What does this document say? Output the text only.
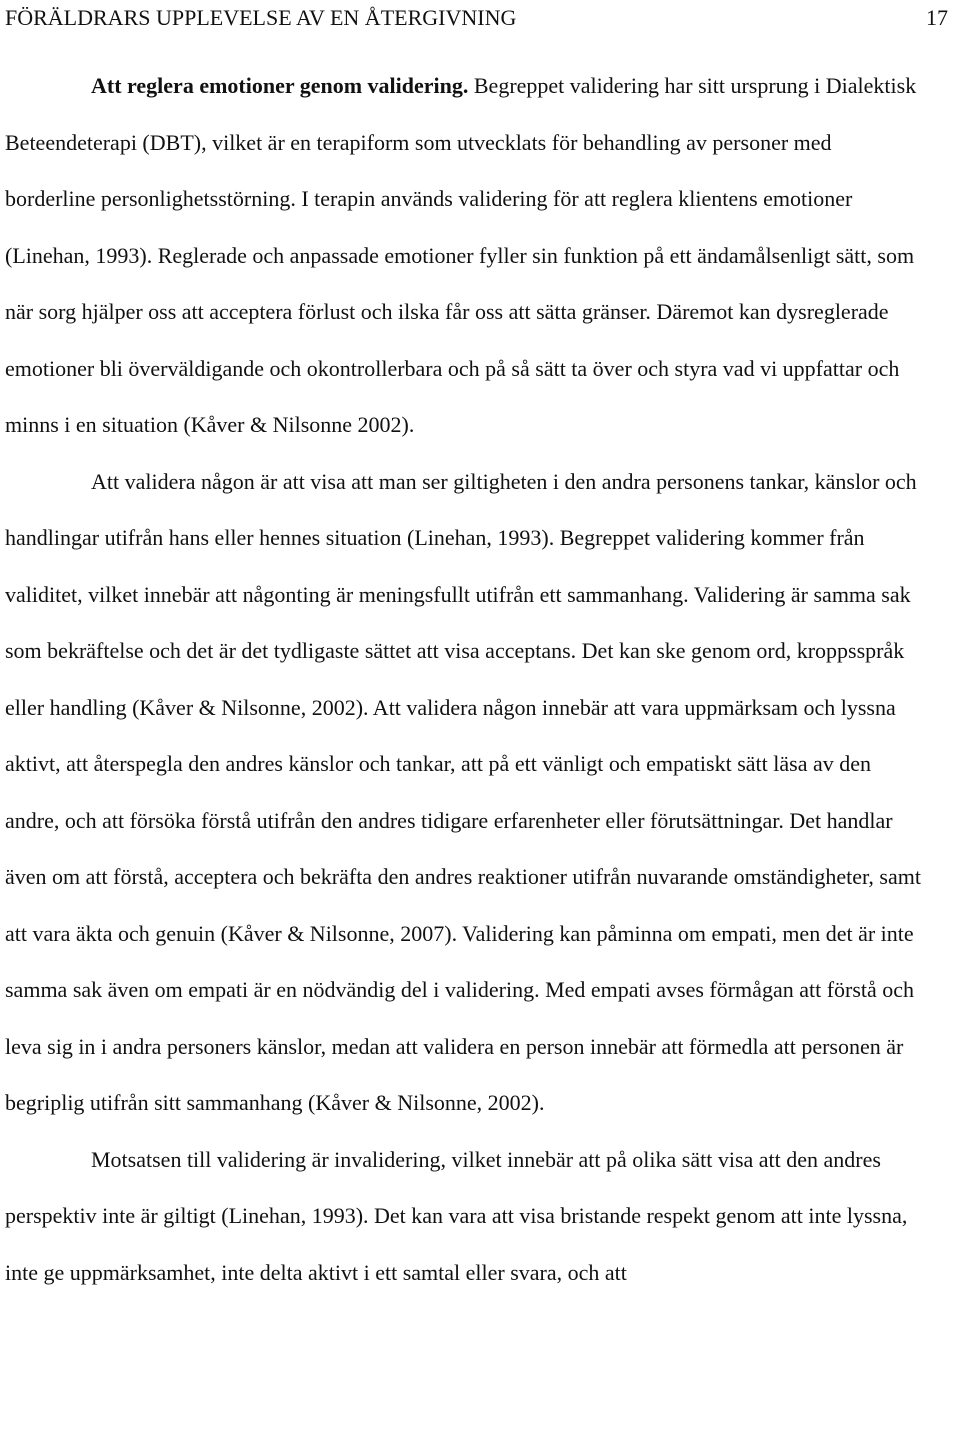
FÖRÄLDRARS UPPLEVELSE AV EN ÅTERGIVNING	17

Att reglera emotioner genom validering. Begreppet validering har sitt ursprung i Dialektisk Beteendeterapi (DBT), vilket är en terapiform som utvecklats för behandling av personer med borderline personlighetsstörning. I terapin används validering för att reglera klientens emotioner (Linehan, 1993). Reglerade och anpassade emotioner fyller sin funktion på ett ändamålsenligt sätt, som när sorg hjälper oss att acceptera förlust och ilska får oss att sätta gränser. Däremot kan dysreglerade emotioner bli överväldigande och okontrollerbara och på så sätt ta över och styra vad vi uppfattar och minns i en situation (Kåver & Nilsonne 2002).

Att validera någon är att visa att man ser giltigheten i den andra personens tankar, känslor och handlingar utifrån hans eller hennes situation (Linehan, 1993). Begreppet validering kommer från validitet, vilket innebär att någonting är meningsfullt utifrån ett sammanhang. Validering är samma sak som bekräftelse och det är det tydligaste sättet att visa acceptans. Det kan ske genom ord, kroppsspråk eller handling (Kåver & Nilsonne, 2002). Att validera någon innebär att vara uppmärksam och lyssna aktivt, att återspegla den andres känslor och tankar, att på ett vänligt och empatiskt sätt läsa av den andre, och att försöka förstå utifrån den andres tidigare erfarenheter eller förutsättningar. Det handlar även om att förstå, acceptera och bekräfta den andres reaktioner utifrån nuvarande omständigheter, samt att vara äkta och genuin (Kåver & Nilsonne, 2007). Validering kan påminna om empati, men det är inte samma sak även om empati är en nödvändig del i validering. Med empati avses förmågan att förstå och leva sig in i andra personers känslor, medan att validera en person innebär att förmedla att personen är begriplig utifrån sitt sammanhang (Kåver & Nilsonne, 2002).

Motsatsen till validering är invalidering, vilket innebär att på olika sätt visa att den andres perspektiv inte är giltigt (Linehan, 1993). Det kan vara att visa bristande respekt genom att inte lyssna, inte ge uppmärksamhet, inte delta aktivt i ett samtal eller svara, och att
